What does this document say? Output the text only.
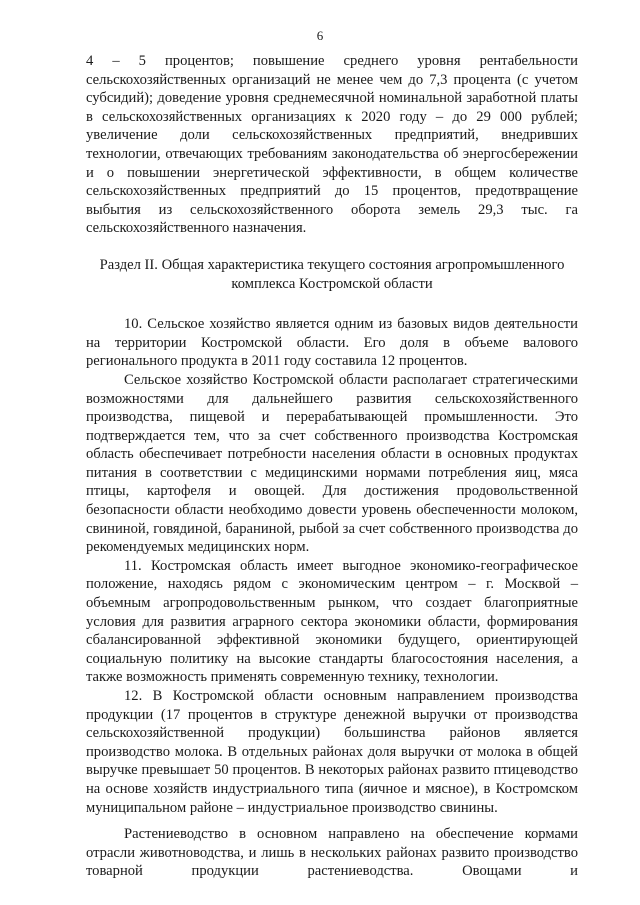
6

4 – 5 процентов; повышение среднего уровня рентабельности сельскохозяйственных организаций не менее чем до 7,3 процента (с учетом субсидий); доведение уровня среднемесячной номинальной заработной платы в сельскохозяйственных организациях к 2020 году – до 29 000 рублей; увеличение доли сельскохозяйственных предприятий, внедривших технологии, отвечающих требованиям законодательства об энергосбережении и о повышении энергетической эффективности, в общем количестве сельскохозяйственных предприятий до 15 процентов, предотвращение выбытия из сельскохозяйственного оборота земель 29,3 тыс. га сельскохозяйственного назначения.

Раздел II. Общая характеристика текущего состояния агропромышленного комплекса Костромской области

10. Сельское хозяйство является одним из базовых видов деятельности на территории Костромской области. Его доля в объеме валового регионального продукта в 2011 году составила 12 процентов.

Сельское хозяйство Костромской области располагает стратегическими возможностями для дальнейшего развития сельскохозяйственного производства, пищевой и перерабатывающей промышленности. Это подтверждается тем, что за счет собственного производства Костромская область обеспечивает потребности населения области в основных продуктах питания в соответствии с медицинскими нормами потребления яиц, мяса птицы, картофеля и овощей. Для достижения продовольственной безопасности области необходимо довести уровень обеспеченности молоком, свининой, говядиной, бараниной, рыбой за счет собственного производства до рекомендуемых медицинских норм.

11. Костромская область имеет выгодное экономико-географическое положение, находясь рядом с экономическим центром – г. Москвой – объемным агропродовольственным рынком, что создает благоприятные условия для развития аграрного сектора экономики области, формирования сбалансированной эффективной экономики будущего, ориентирующей социальную политику на высокие стандарты благосостояния населения, а также возможность применять современную технику, технологии.

12. В Костромской области основным направлением производства продукции (17 процентов в структуре денежной выручки от производства сельскохозяйственной продукции) большинства районов является производство молока. В отдельных районах доля выручки от молока в общей выручке превышает 50 процентов. В некоторых районах развито птицеводство на основе хозяйств индустриального типа (яичное и мясное), в Костромском муниципальном районе – индустриальное производство свинины.

Растениеводство в основном направлено на обеспечение кормами отрасли животноводства, и лишь в нескольких районах развито производство товарной продукции растениеводства. Овощами и
